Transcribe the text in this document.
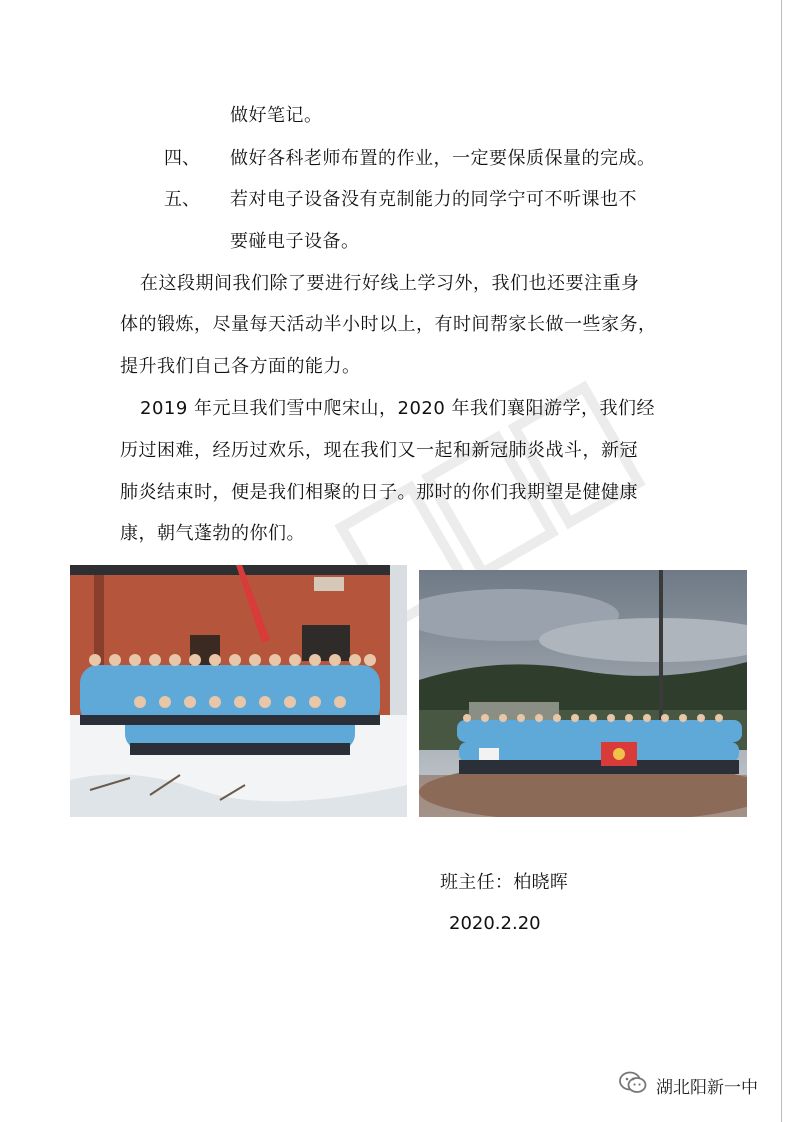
做好笔记。
四、 做好各科老师布置的作业，一定要保质保量的完成。
五、 若对电子设备没有克制能力的同学宁可不听课也不
要碰电子设备。
在这段期间我们除了要进行好线上学习外，我们也还要注重身
体的锻炼，尽量每天活动半小时以上，有时间帮家长做一些家务，
提升我们自己各方面的能力。
2019 年元旦我们雪中爬宋山，2020 年我们襄阳游学，我们经
历过困难，经历过欢乐，现在我们又一起和新冠肺炎战斗，新冠
肺炎结束时，便是我们相聚的日子。那时的你们我期望是健健康
康，朝气蓬勃的你们。
班主任：柏晓晖
2020.2.20
湖北阳新一中
